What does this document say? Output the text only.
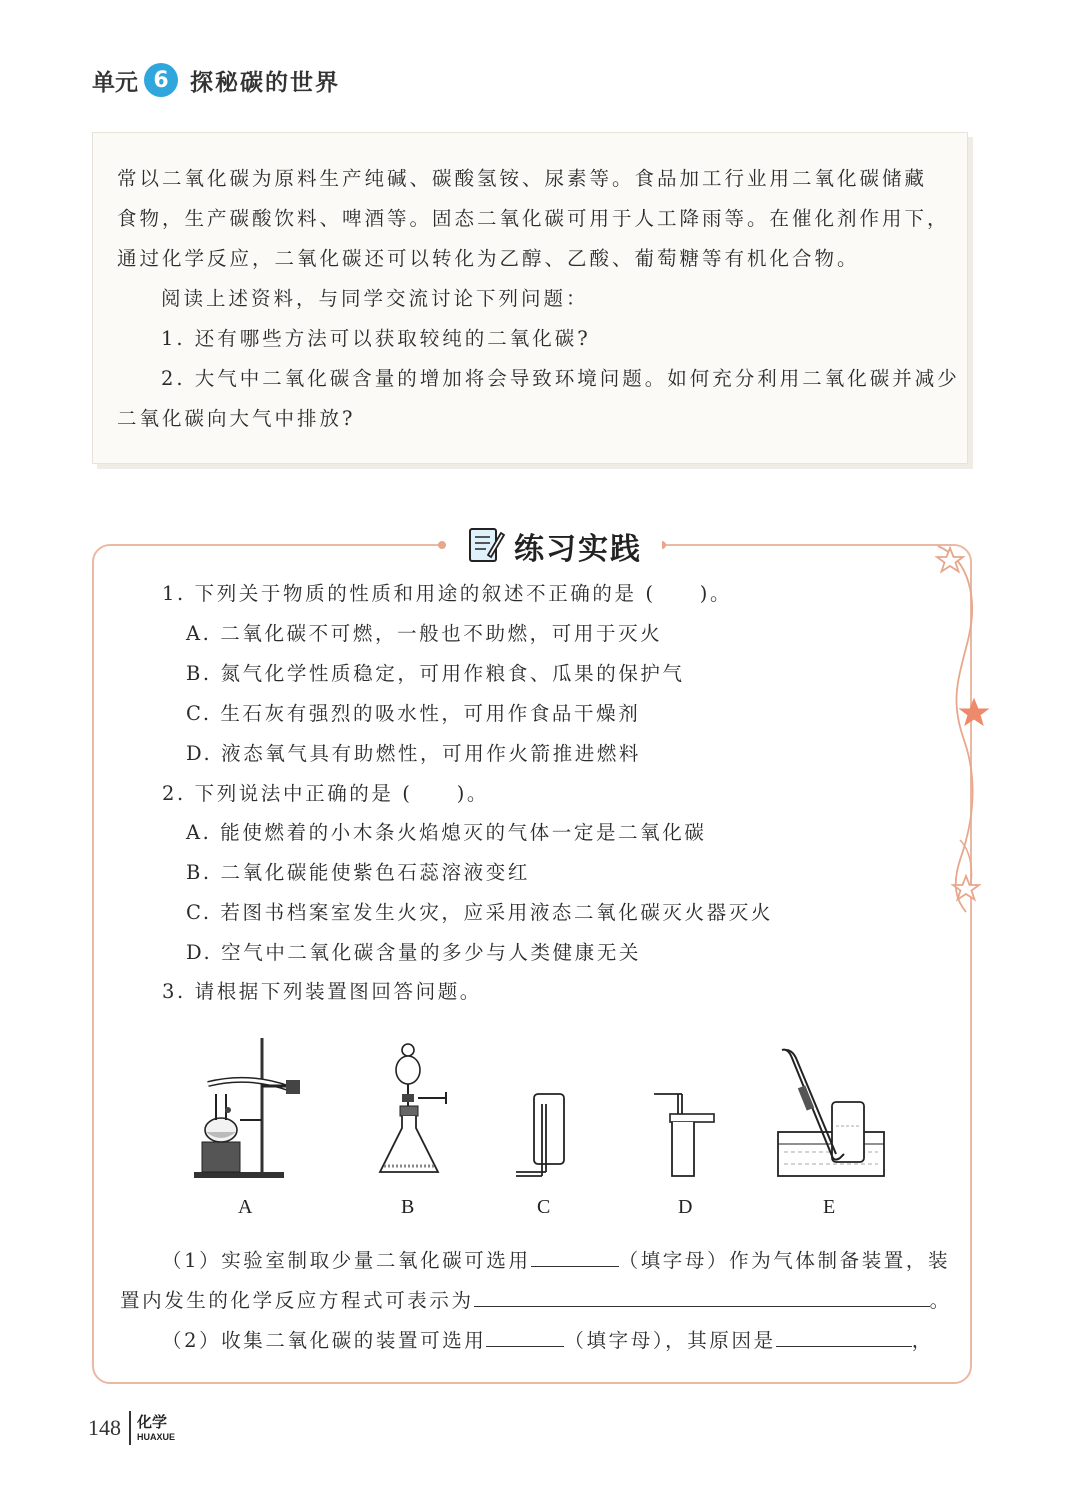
单元 6 探秘碳的世界

常以二氧化碳为原料生产纯碱、碳酸氢铵、尿素等。食品加工行业用二氧化碳储藏

食物，生产碳酸饮料、啤酒等。固态二氧化碳可用于人工降雨等。在催化剂作用下，

通过化学反应，二氧化碳还可以转化为乙醇、乙酸、葡萄糖等有机化合物。

阅读上述资料，与同学交流讨论下列问题：

1. 还有哪些方法可以获取较纯的二氧化碳?

2. 大气中二氧化碳含量的增加将会导致环境问题。如何充分利用二氧化碳并减少

二氧化碳向大气中排放?

练习实践

1. 下列关于物质的性质和用途的叙述不正确的是 (　　)。

A. 二氧化碳不可燃，一般也不助燃，可用于灭火

B. 氮气化学性质稳定，可用作粮食、瓜果的保护气

C. 生石灰有强烈的吸水性，可用作食品干燥剂

D. 液态氧气具有助燃性，可用作火箭推进燃料

2. 下列说法中正确的是 (　　)。

A. 能使燃着的小木条火焰熄灭的气体一定是二氧化碳

B. 二氧化碳能使紫色石蕊溶液变红

C. 若图书档案室发生火灾，应采用液态二氧化碳灭火器灭火

D. 空气中二氧化碳含量的多少与人类健康无关

3. 请根据下列装置图回答问题。

A	B	C	D	E

（1）实验室制取少量二氧化碳可选用	（填字母）作为气体制备装置，装

置内发生的化学反应方程式可表示为	。

（2）收集二氧化碳的装置可选用	（填字母），其原因是	，

148 化学
HUAXUE
